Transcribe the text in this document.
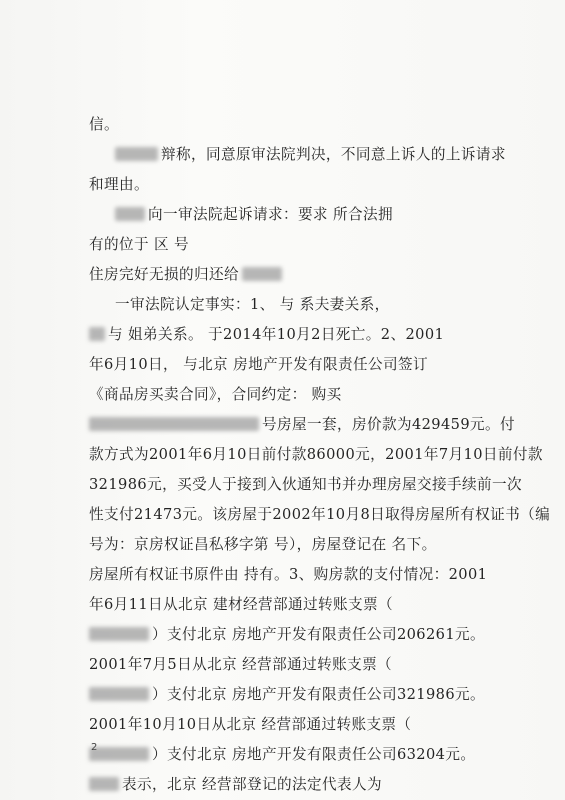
信。
辩称，同意原审法院判决，不同意上诉人的上诉请求
和理由。
向一审法院起诉请求：要求 所合法拥
有的位于 区 号
住房完好无损的归还给
一审法院认定事实：1、 与 系夫妻关系，
与 姐弟关系。 于2014年10月2日死亡。2、2001
年6月10日， 与北京 房地产开发有限责任公司签订
《商品房买卖合同》，合同约定： 购买
号房屋一套，房价款为429459元。付
款方式为2001年6月10日前付款86000元，2001年7月10日前付款
321986元，买受人于接到入伙通知书并办理房屋交接手续前一次
性支付21473元。该房屋于2002年10月8日取得房屋所有权证书（编
号为：京房权证昌私移字第 号），房屋登记在 名下。
房屋所有权证书原件由 持有。3、购房款的支付情况：2001
年6月11日从北京 建材经营部通过转账支票（
）支付北京 房地产开发有限责任公司206261元。
2001年7月5日从北京 经营部通过转账支票（
）支付北京 房地产开发有限责任公司321986元。
2001年10月10日从北京 经营部通过转账支票（
）支付北京 房地产开发有限责任公司63204元。
表示，北京 经营部登记的法定代表人为
2
